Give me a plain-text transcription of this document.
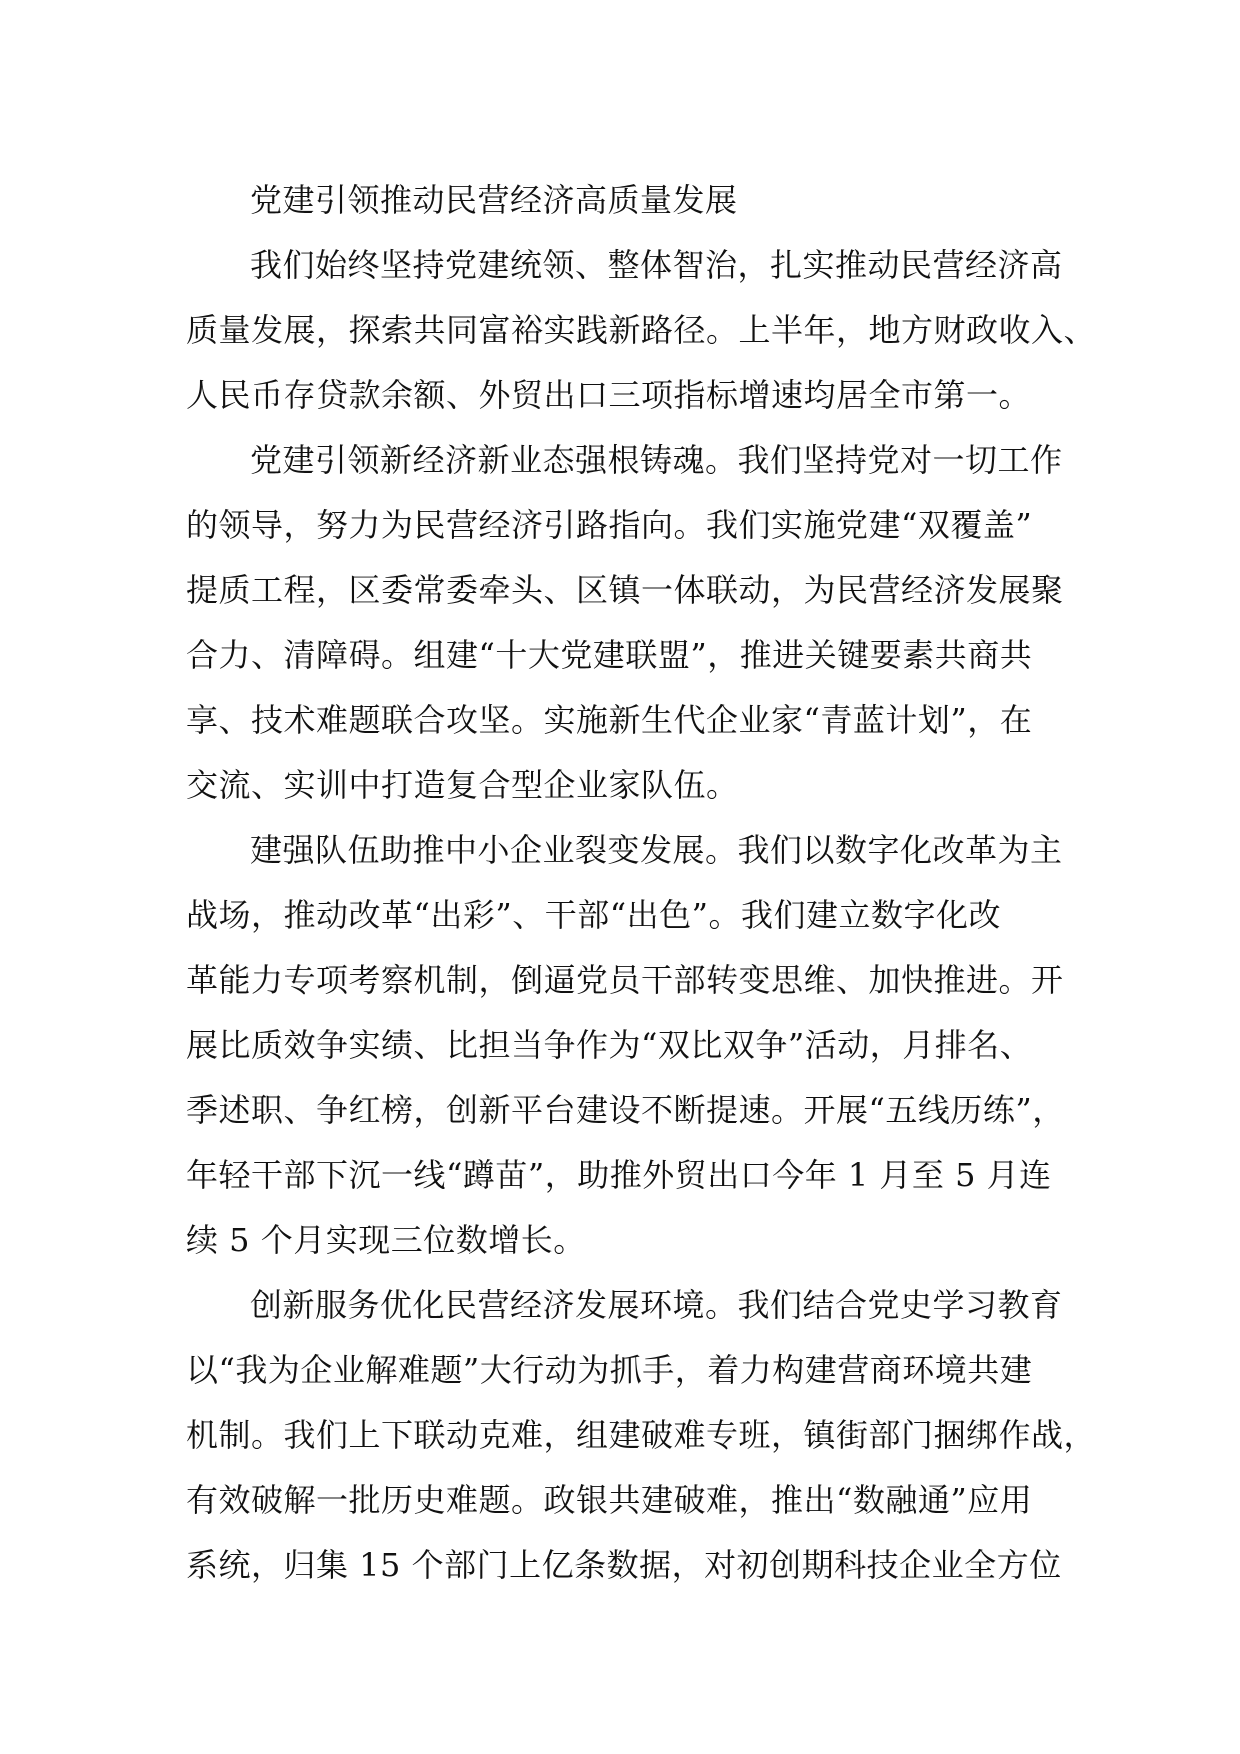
党建引领推动民营经济高质量发展
我们始终坚持党建统领、整体智治，扎实推动民营经济高
质量发展，探索共同富裕实践新路径。上半年，地方财政收入、
人民币存贷款余额、外贸出口三项指标增速均居全市第一。
党建引领新经济新业态强根铸魂。我们坚持党对一切工作
的领导，努力为民营经济引路指向。我们实施党建“双覆盖”
提质工程，区委常委牵头、区镇一体联动，为民营经济发展聚
合力、清障碍。组建“十大党建联盟”，推进关键要素共商共
享、技术难题联合攻坚。实施新生代企业家“青蓝计划”，在
交流、实训中打造复合型企业家队伍。
建强队伍助推中小企业裂变发展。我们以数字化改革为主
战场，推动改革“出彩”、干部“出色”。我们建立数字化改
革能力专项考察机制，倒逼党员干部转变思维、加快推进。开
展比质效争实绩、比担当争作为“双比双争”活动，月排名、
季述职、争红榜，创新平台建设不断提速。开展“五线历练”，
年轻干部下沉一线“蹲苗”，助推外贸出口今年 1 月至 5 月连
续 5 个月实现三位数增长。
创新服务优化民营经济发展环境。我们结合党史学习教育
以“我为企业解难题”大行动为抓手，着力构建营商环境共建
机制。我们上下联动克难，组建破难专班，镇街部门捆绑作战，
有效破解一批历史难题。政银共建破难，推出“数融通”应用
系统，归集 15 个部门上亿条数据，对初创期科技企业全方位
